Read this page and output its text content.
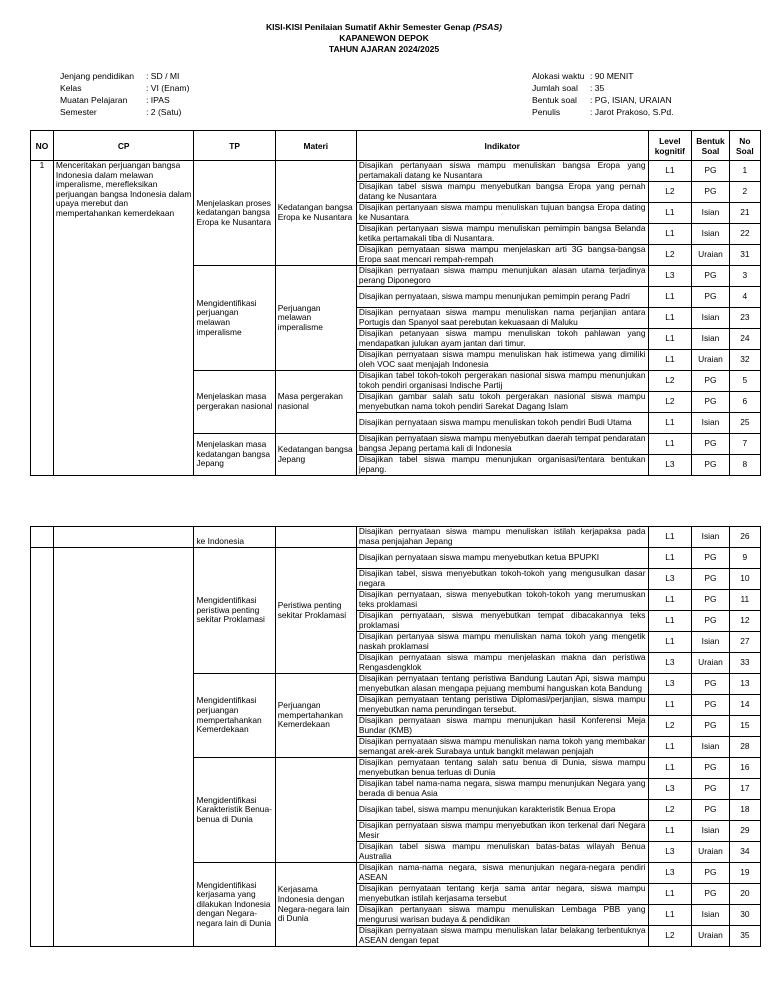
KISI-KISI Penilaian Sumatif Akhir Semester Genap (PSAS)
KAPANEWON DEPOK
TAHUN AJARAN 2024/2025
Jenjang pendidikan	: SD / MI
Kelas	: VI (Enam)
Muatan Pelajaran	: IPAS
Semester	: 2 (Satu)
Alokasi waktu : 90 MENIT
Jumlah soal	: 35
Bentuk soal	: PG, ISIAN, URAIAN
Penulis	: Jarot Prakoso, S.Pd.
NO	CP	TP	Materi	Indikator	Level kognitif	Bentuk Soal	No Soal
1	Menceritakan perjuangan bangsa Indonesia dalam melawan imperalisme, merefleksikan perjuangan bangsa Indonesia dalam upaya merebut dan mempertahankan kemerdekaan	Menjelaskan proses kedatangan bangsa Eropa ke Nusantara	Kedatangan bangsa Eropa ke Nusantara	Disajikan pertanyaan siswa mampu menuliskan bangsa Eropa yang pertamakali datang ke Nusantara	L1	PG	1
				Disajikan tabel siswa mampu menyebutkan bangsa Eropa yang pernah datang ke Nusantara	L2	PG	2
				Disajikan pertanyaan siswa mampu menuliskan tujuan bangsa Eropa dating ke Nusantara	L1	Isian	21
				Disajikan pertanyaan siswa mampu menuliskan pemimpin bangsa Belanda ketika pertamakali tiba di Nusantara.	L1	Isian	22
				Disajikan pernyataan siswa mampu menjelaskan arti 3G bangsa-bangsa Eropa saat mencari rempah-rempah	L2	Uraian	31
		Mengidentifikasi perjuangan melawan imperalisme	Perjuangan melawan imperalisme	Disajikan pernyataan siswa mampu menunjukan alasan utama terjadinya perang Diponegoro	L3	PG	3
				Disajikan pernyataan, siswa mampu menunjukan pemimpin perang Padri	L1	PG	4
				Disajikan pernyataan siswa mampu menuliskan nama perjanjian antara Portugis dan Spanyol saat perebutan kekuasaan di Maluku	L1	Isian	23
				Disajikan petanyaan siswa mampu menuliskan tokoh pahlawan yang mendapatkan julukan ayam jantan dari timur.	L1	Isian	24
				Disajikan pernyataan siswa mampu menuliskan hak istimewa yang dimiliki oleh VOC saat menjajah Indonesia	L1	Uraian	32
		Menjelaskan masa pergerakan nasional	Masa pergerakan nasional	Disajikan tabel tokoh-tokoh pergerakan nasional siswa mampu menunjukan tokoh pendiri organisasi Indische Partij	L2	PG	5
				Disajikan gambar salah satu tokoh pergerakan nasional siswa mampu menyebutkan nama tokoh pendiri Sarekat Dagang Islam	L2	PG	6
				Disajikan pernyataan siswa mampu menuliskan tokoh pendiri Budi Utama	L1	Isian	25
		Menjelaskan masa kedatangan bangsa Jepang	Kedatangan bangsa Jepang	Disajikan pernyataan siswa mampu menyebutkan daerah tempat pendaratan bangsa Jepang pertama kali di Indonesia	L1	PG	7
				Disajikan tabel siswa mampu menunjukan organisasi/tentara bentukan jepang.	L3	PG	8
		ke Indonesia		Disajikan pernyataan siswa mampu menuliskan istilah kerjapaksa pada masa penjajahan Jepang	L1	Isian	26
		Mengidentifikasi peristiwa penting sekitar Proklamasi	Peristiwa penting sekitar Proklamasi	Disajikan pernyataan siswa mampu menyebutkan ketua BPUPKI	L1	PG	9
				Disajikan tabel, siswa menyebutkan tokoh-tokoh yang mengusulkan dasar negara	L3	PG	10
				Disajikan pernyataan, siswa menyebutkan tokoh-tokoh yang merumuskan teks proklamasi	L1	PG	11
				Disajikan pernyataan, siswa menyebutkan tempat dibacakannya teks proklamasi	L1	PG	12
				Disajikan pertanyaa siswa mampu menuliskan nama tokoh yang mengetik naskah proklamasi	L1	Isian	27
				Disajikan pernyataan siswa mampu menjelaskan makna dan peristiwa Rengasdengklok	L3	Uraian	33
		Mengidentifikasi perjuangan mempertahankan Kemerdekaan	Perjuangan mempertahankan Kemerdekaan	Disajikan pernyataan tentang peristiwa Bandung Lautan Api, siswa mampu menyebutkan alasan mengapa pejuang membumi hanguskan kota Bandung	L3	PG	13
				Disajikan pernyataan tentang peristiwa Diplomasi/perjanjian, siswa mampu menyebutkan nama perundingan tersebut.	L1	PG	14
				Disajikan pernyataan siswa mampu menunjukan hasil Konferensi Meja Bundar (KMB)	L2	PG	15
				Disajikan pernyataan siswa mampu menuliskan nama tokoh yang membakar semangat arek-arek Surabaya untuk bangkit melawan penjajah	L1	Isian	28
		Mengidentifikasi Karakteristik Benua-benua di Dunia		Disajikan pernyataan tentang salah satu benua di Dunia, siswa mampu menyebutkan benua terluas di Dunia	L1	PG	16
				Disajikan tabel nama-nama negara, siswa mampu menunjukan Negara yang berada di benua Asia	L3	PG	17
				Disajikan tabel, siswa mampu menunjukan karakteristik Benua Eropa	L2	PG	18
				Disajikan pernyataan siswa mampu menyebutkan ikon terkenal dari Negara Mesir	L1	Isian	29
				Disajikan tabel siswa mampu menuliskan batas-batas wilayah Benua Australia	L3	Uraian	34
		Mengidentifikasi kerjasama yang dilakukan Indonesia dengan Negara-negara lain di Dunia	Kerjasama Indonesia dengan Negara-negara lain di Dunia	Disajikan nama-nama negara, siswa menunjukan negara-negara pendiri ASEAN	L3	PG	19
				Disajikan pernyataan tentang kerja sama antar negara, siswa mampu menyebutkan istilah kerjasama tersebut	L1	PG	20
				Disajikan pertanyaan siswa mampu menuliskan Lembaga PBB yang mengurusi warisan budaya & pendidikan	L1	Isian	30
				Disajikan pernyataan siswa mampu menuliskan latar belakang terbentuknya ASEAN dengan tepat	L2	Uraian	35
